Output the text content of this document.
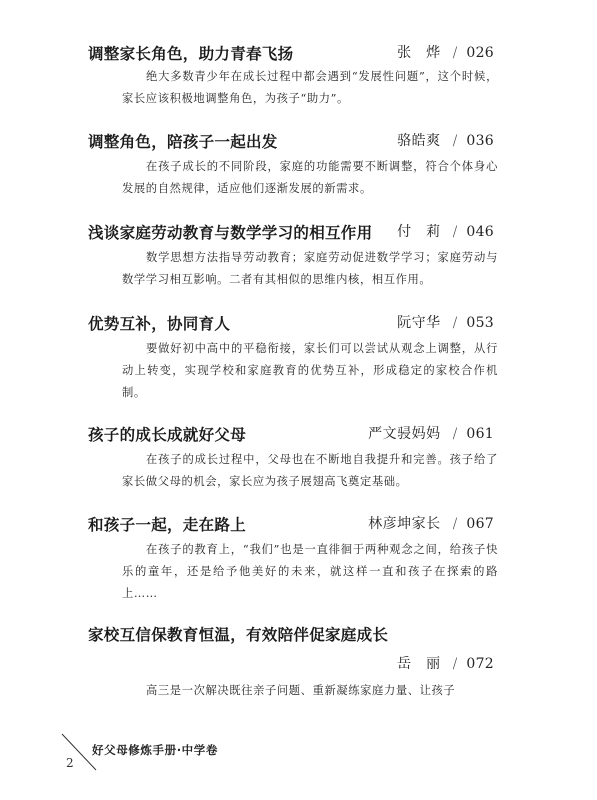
调整家长角色，助力青春飞扬	张　烨 / 026
绝大多数青少年在成长过程中都会遇到“发展性问题”，这个时候，家长应该积极地调整角色，为孩子“助力”。
调整角色，陪孩子一起出发	骆皓爽 / 036
在孩子成长的不同阶段，家庭的功能需要不断调整，符合个体身心发展的自然规律，适应他们逐渐发展的新需求。
浅谈家庭劳动教育与数学学习的相互作用 付　莉 / 046
数学思想方法指导劳动教育；家庭劳动促进数学学习；家庭劳动与数学学习相互影响。二者有其相似的思维内核，相互作用。
优势互补，协同育人	阮守华 / 053
要做好初中高中的平稳衔接，家长们可以尝试从观念上调整，从行动上转变，实现学校和家庭教育的优势互补，形成稳定的家校合作机制。
孩子的成长成就好父母	严文骎妈妈 / 061
在孩子的成长过程中，父母也在不断地自我提升和完善。孩子给了家长做父母的机会，家长应为孩子展翅高飞奠定基础。
和孩子一起，走在路上	林彦坤家长 / 067
在孩子的教育上，“我们”也是一直徘徊于两种观念之间，给孩子快乐的童年，还是给予他美好的未来，就这样一直和孩子在探索的路上……
家校互信保教育恒温，有效陪伴促家庭成长
岳　丽 / 072
高三是一次解决既往亲子问题、重新凝练家庭力量、让孩子
好父母修炼手册·中学卷
2
